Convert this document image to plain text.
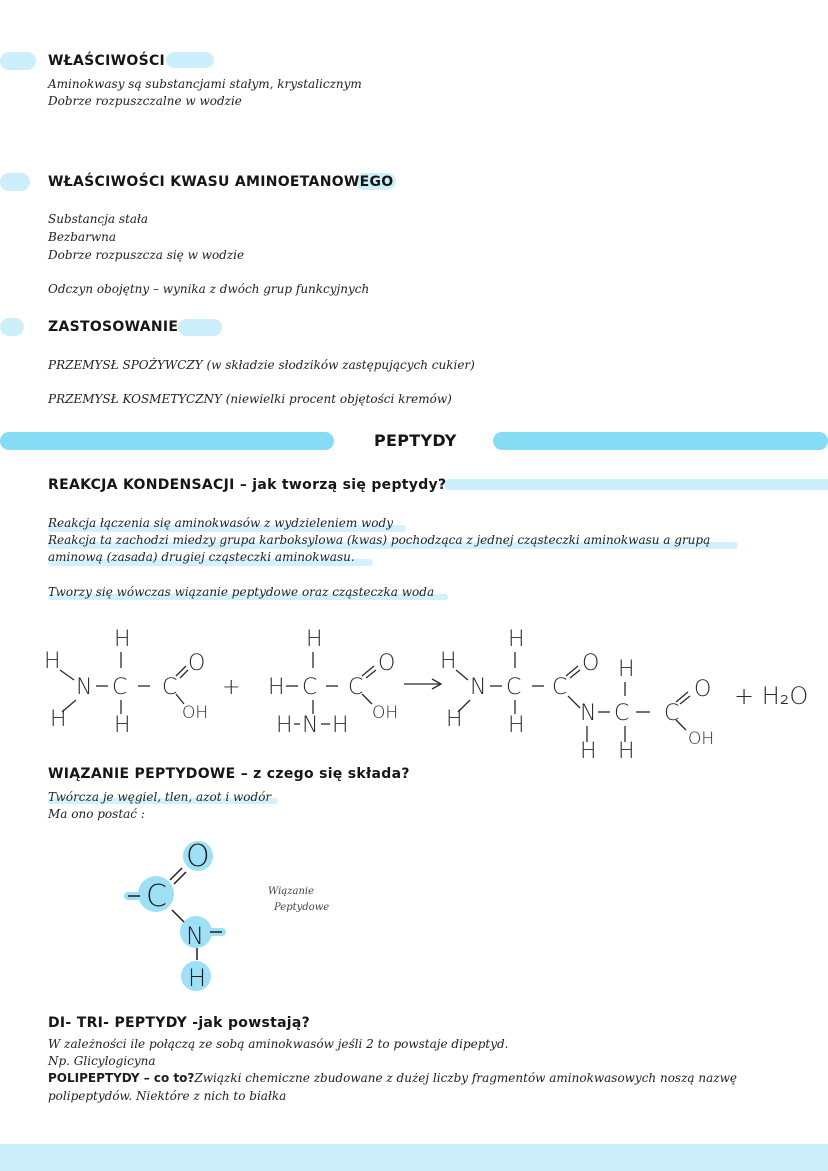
WŁAŚCIWOŚCI
Aminokwasy są substancjami stałym, krystalicznym
Dobrze rozpuszczalne w wodzie
WŁAŚCIWOŚCI KWASU AMINOETANOWEGO
Substancja stała
Bezbarwna
Dobrze rozpuszcza się w wodzie
Odczyn obojętny – wynika z dwóch grup funkcyjnych
ZASTOSOWANIE
PRZEMYSŁ SPOŻYWCZY (w składzie słodzików zastępujących cukier)
PRZEMYSŁ KOSMETYCZNY (niewielki procent objętości kremów)
PEPTYDY
REAKCJA KONDENSACJI – jak tworzą się peptydy?
Reakcja łączenia się aminokwasów z wydzieleniem wody
Reakcja ta zachodzi miedzy grupa karboksylowa (kwas) pochodząca z jednej cząsteczki aminokwasu a grupą
aminową (zasada) drugiej cząsteczki aminokwasu.
Tworzy się wówczas wiązanie peptydowe oraz cząsteczka woda
H
N
H
H
C
H
C
O
OH
+
H
H C C
O
OH
H N H
H
N
H
H
C
H
C
O H
N C C
O
OH
H H
+ H₂O
WIĄZANIE PEPTYDOWE – z czego się składa?
Twórcza je węgiel, tlen, azot i wodór
Ma ono postać :
C
O
N
H
Wiązanie
Peptydowe
DI- TRI- PEPTYDY -jak powstają?
W zależności ile połączą ze sobą aminokwasów jeśli 2 to powstaje dipeptyd.
Np. Glicylogicyna
POLIPEPTYDY – co to?Związki chemiczne zbudowane z dużej liczby fragmentów aminokwasowych noszą nazwę
polipeptydów. Niektóre z nich to białka
